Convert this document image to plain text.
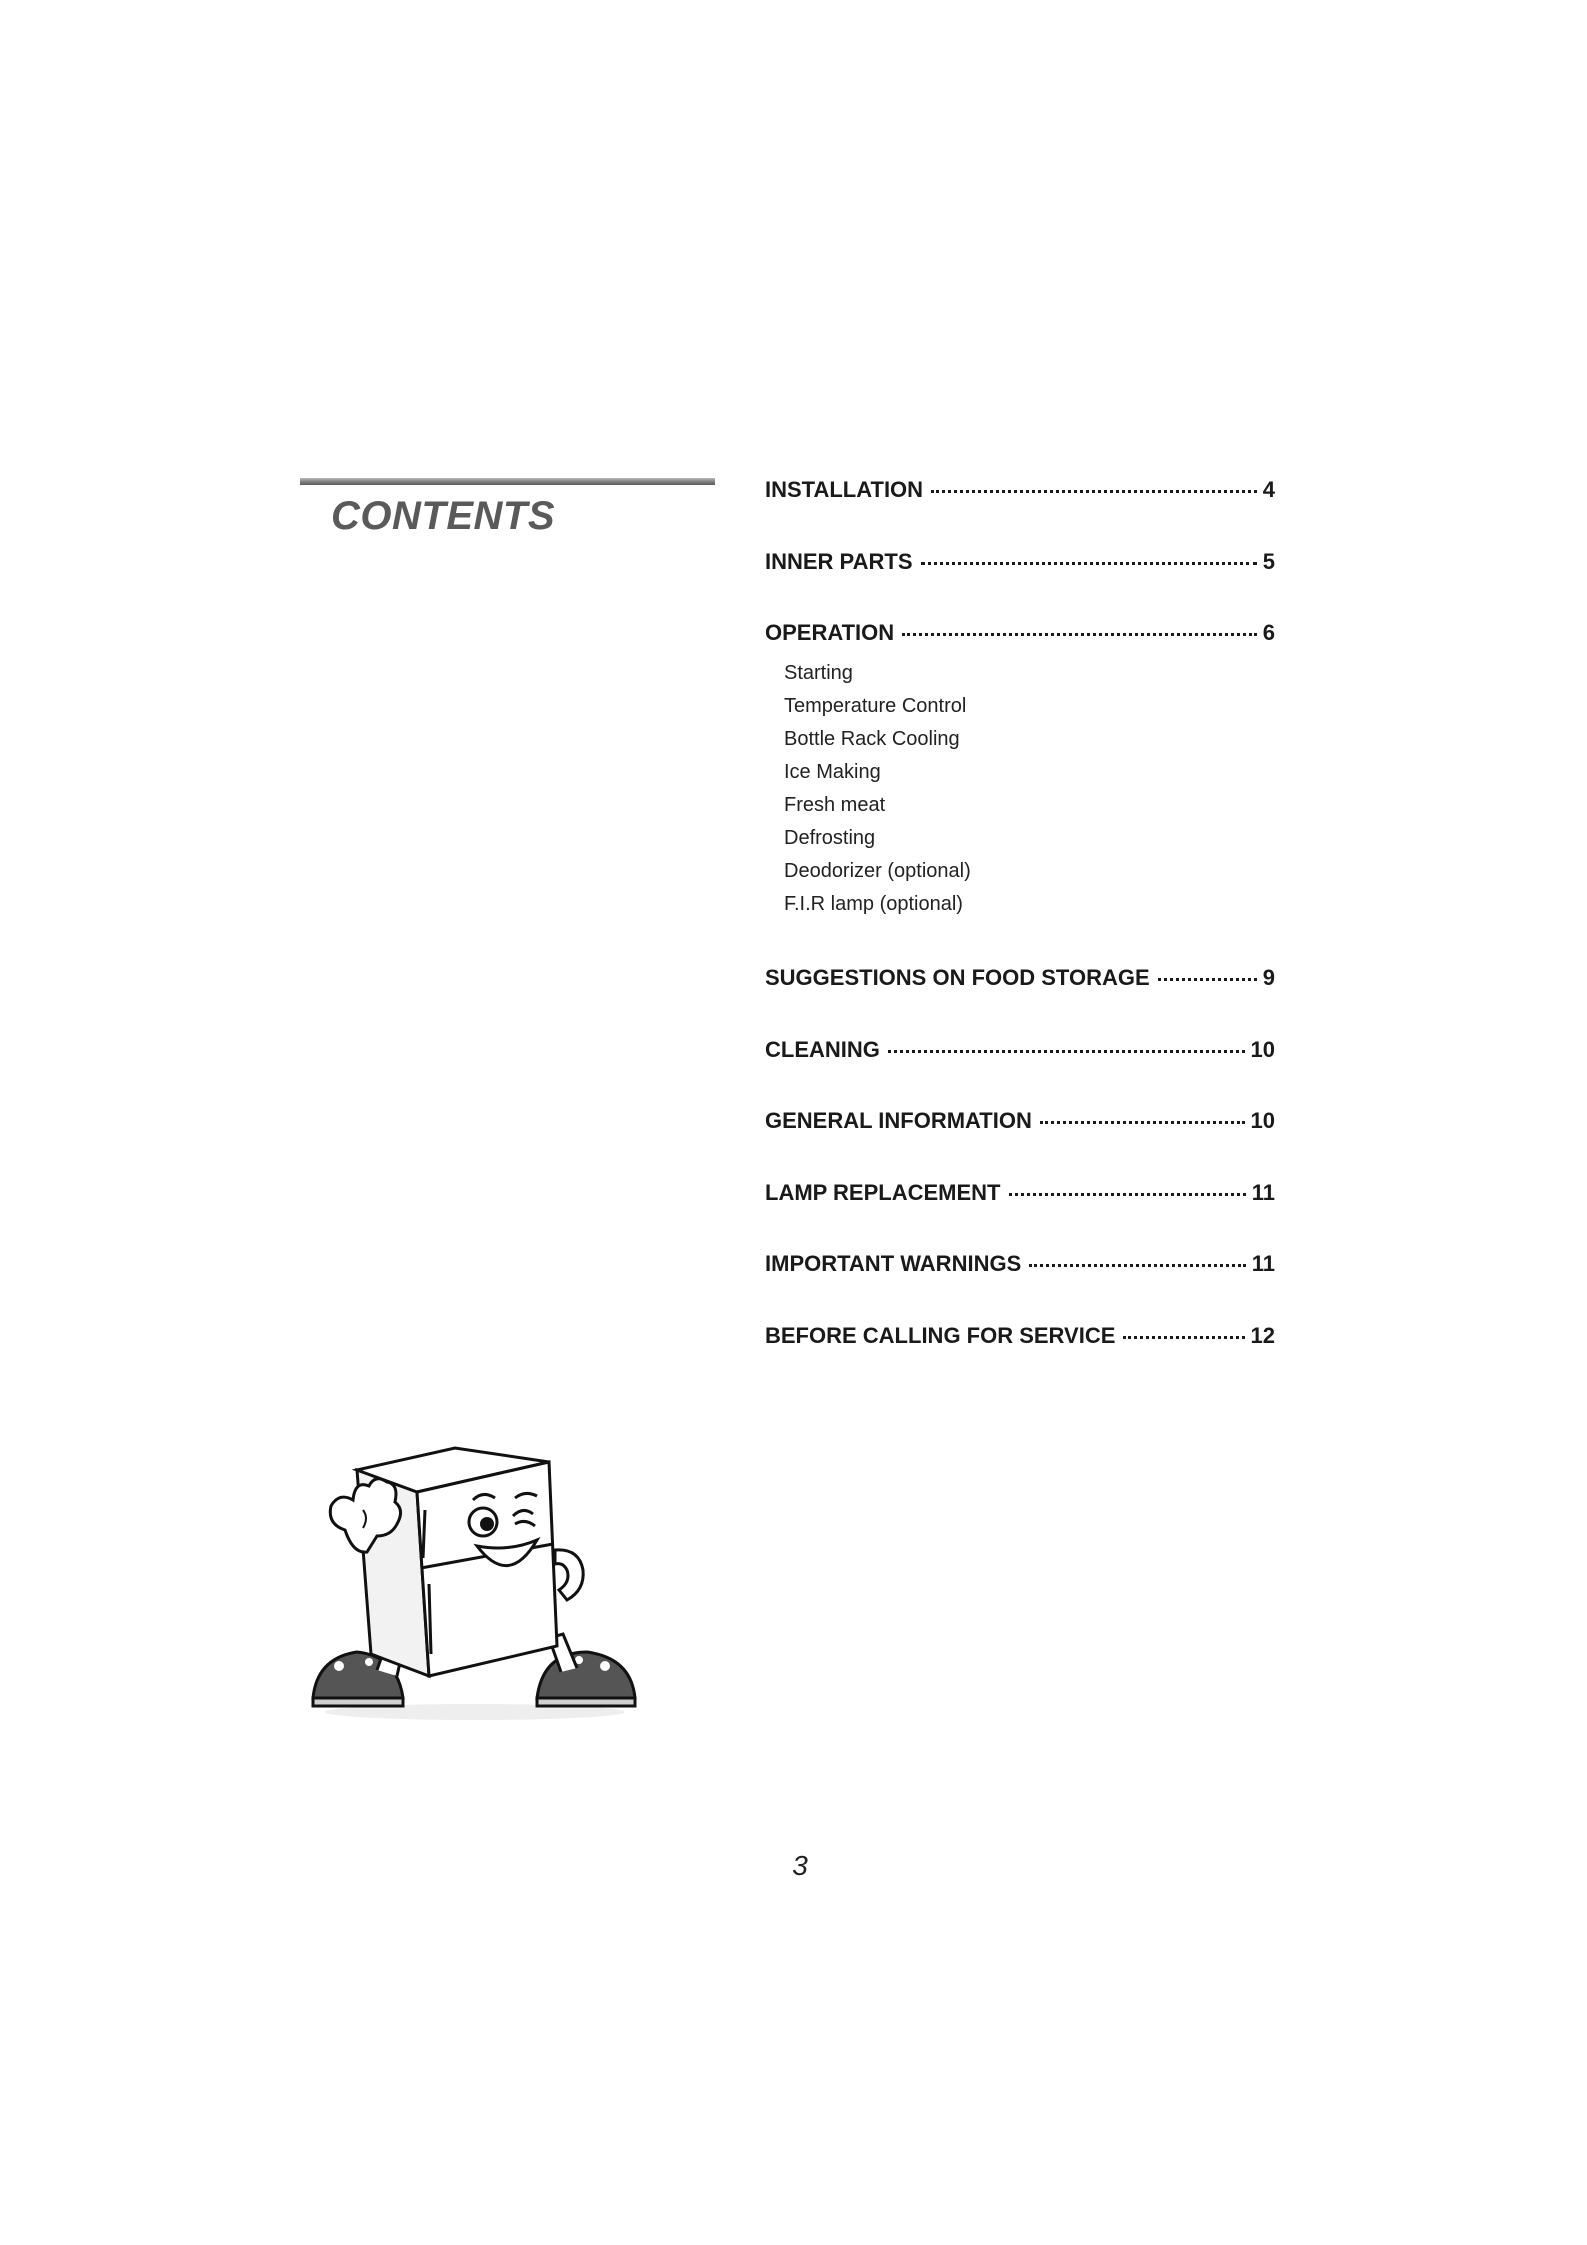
CONTENTS
INSTALLATION	4
INNER PARTS	5
OPERATION	6
Starting
Temperature Control
Bottle Rack Cooling
Ice Making
Fresh meat
Defrosting
Deodorizer (optional)
F.I.R lamp (optional)
SUGGESTIONS ON FOOD STORAGE	9
CLEANING	10
GENERAL INFORMATION	10
LAMP REPLACEMENT	11
IMPORTANT WARNINGS	11
BEFORE CALLING FOR SERVICE	12
3
